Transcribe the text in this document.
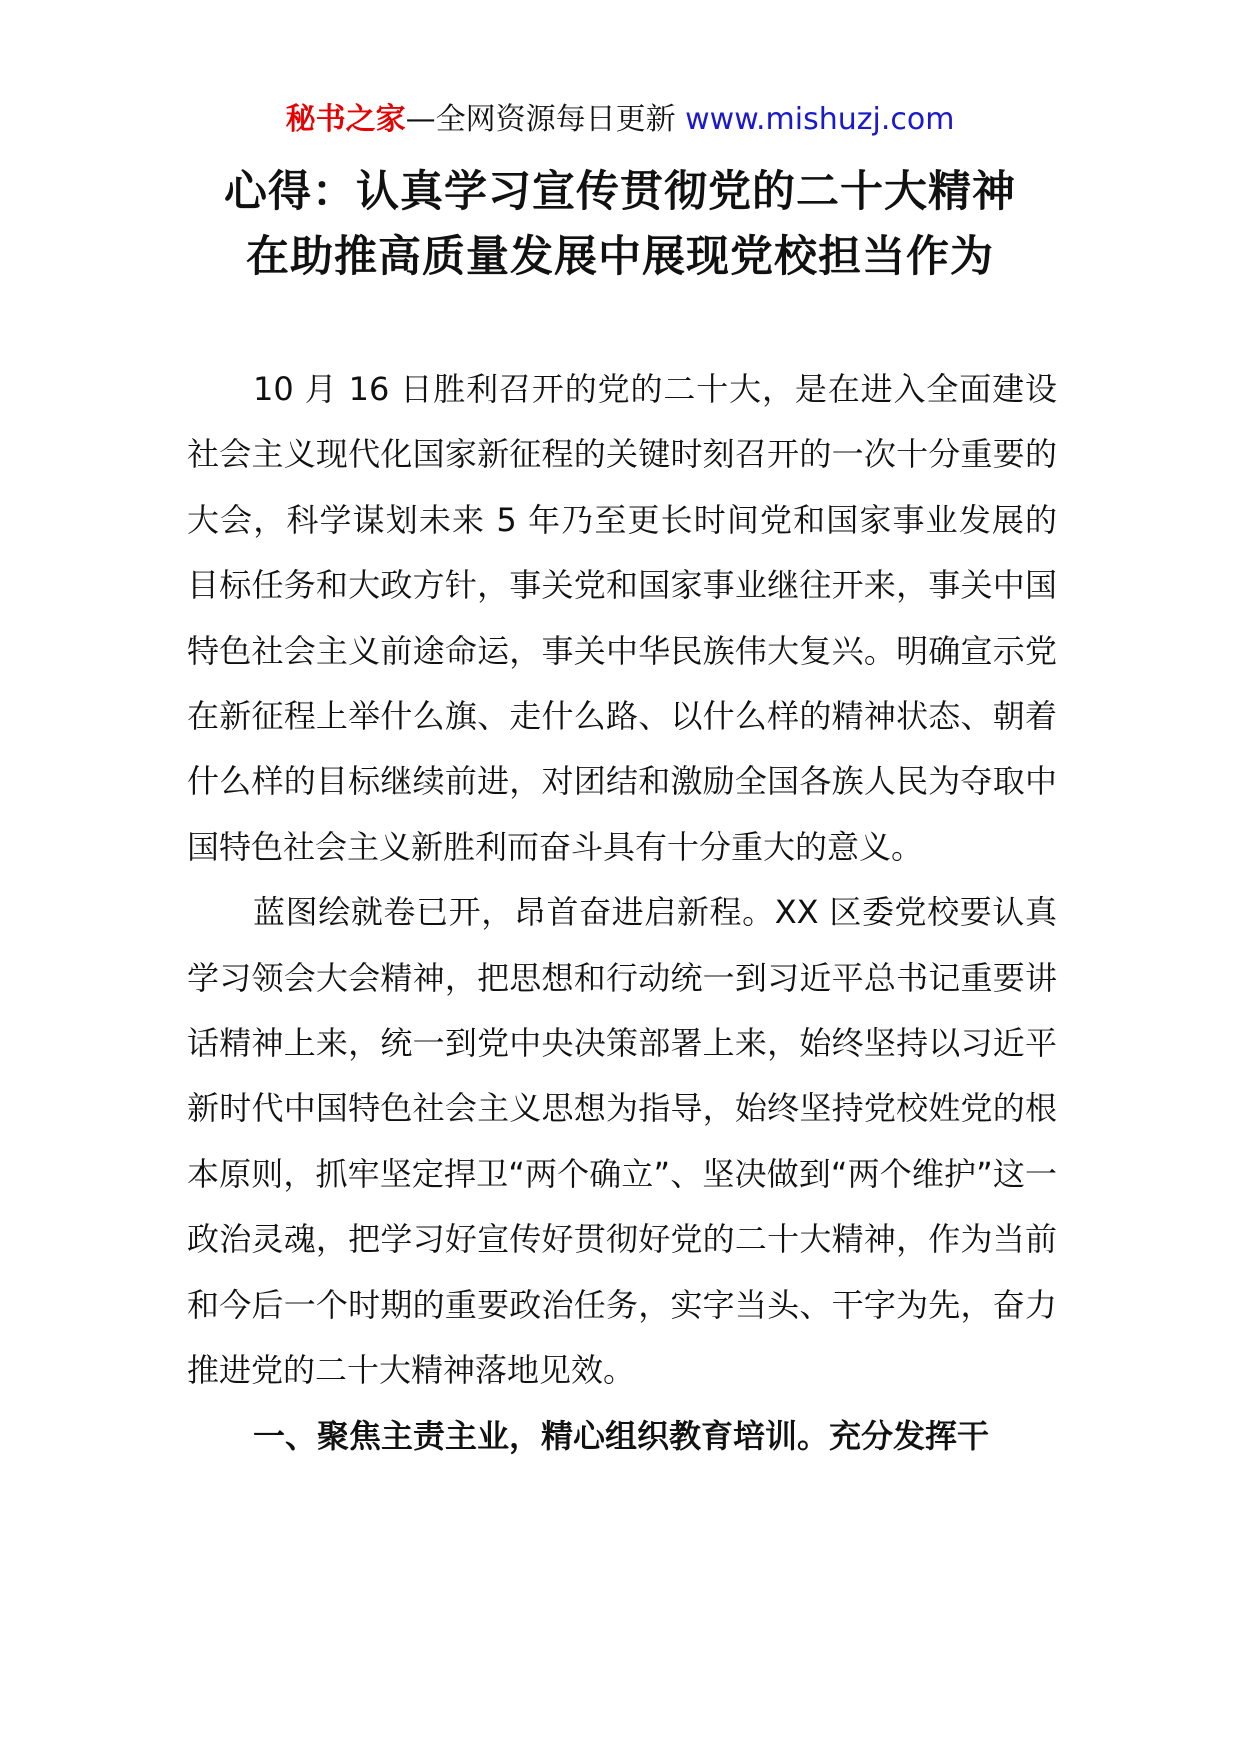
秘书之家—全网资源每日更新 www.mishuzj.com
心得：认真学习宣传贯彻党的二十大精神
在助推高质量发展中展现党校担当作为

10 月 16 日胜利召开的党的二十大，是在进入全面建设社会主义现代化国家新征程的关键时刻召开的一次十分重要的大会，科学谋划未来 5 年乃至更长时间党和国家事业发展的目标任务和大政方针，事关党和国家事业继往开来，事关中国特色社会主义前途命运，事关中华民族伟大复兴。明确宣示党在新征程上举什么旗、走什么路、以什么样的精神状态、朝着什么样的目标继续前进，对团结和激励全国各族人民为夺取中国特色社会主义新胜利而奋斗具有十分重大的意义。

蓝图绘就卷已开，昂首奋进启新程。XX 区委党校要认真学习领会大会精神，把思想和行动统一到习近平总书记重要讲话精神上来，统一到党中央决策部署上来，始终坚持以习近平新时代中国特色社会主义思想为指导，始终坚持党校姓党的根本原则，抓牢坚定捍卫“两个确立”、坚决做到“两个维护”这一政治灵魂，把学习好宣传好贯彻好党的二十大精神，作为当前和今后一个时期的重要政治任务，实字当头、干字为先，奋力推进党的二十大精神落地见效。

一、聚焦主责主业，精心组织教育培训。充分发挥干
